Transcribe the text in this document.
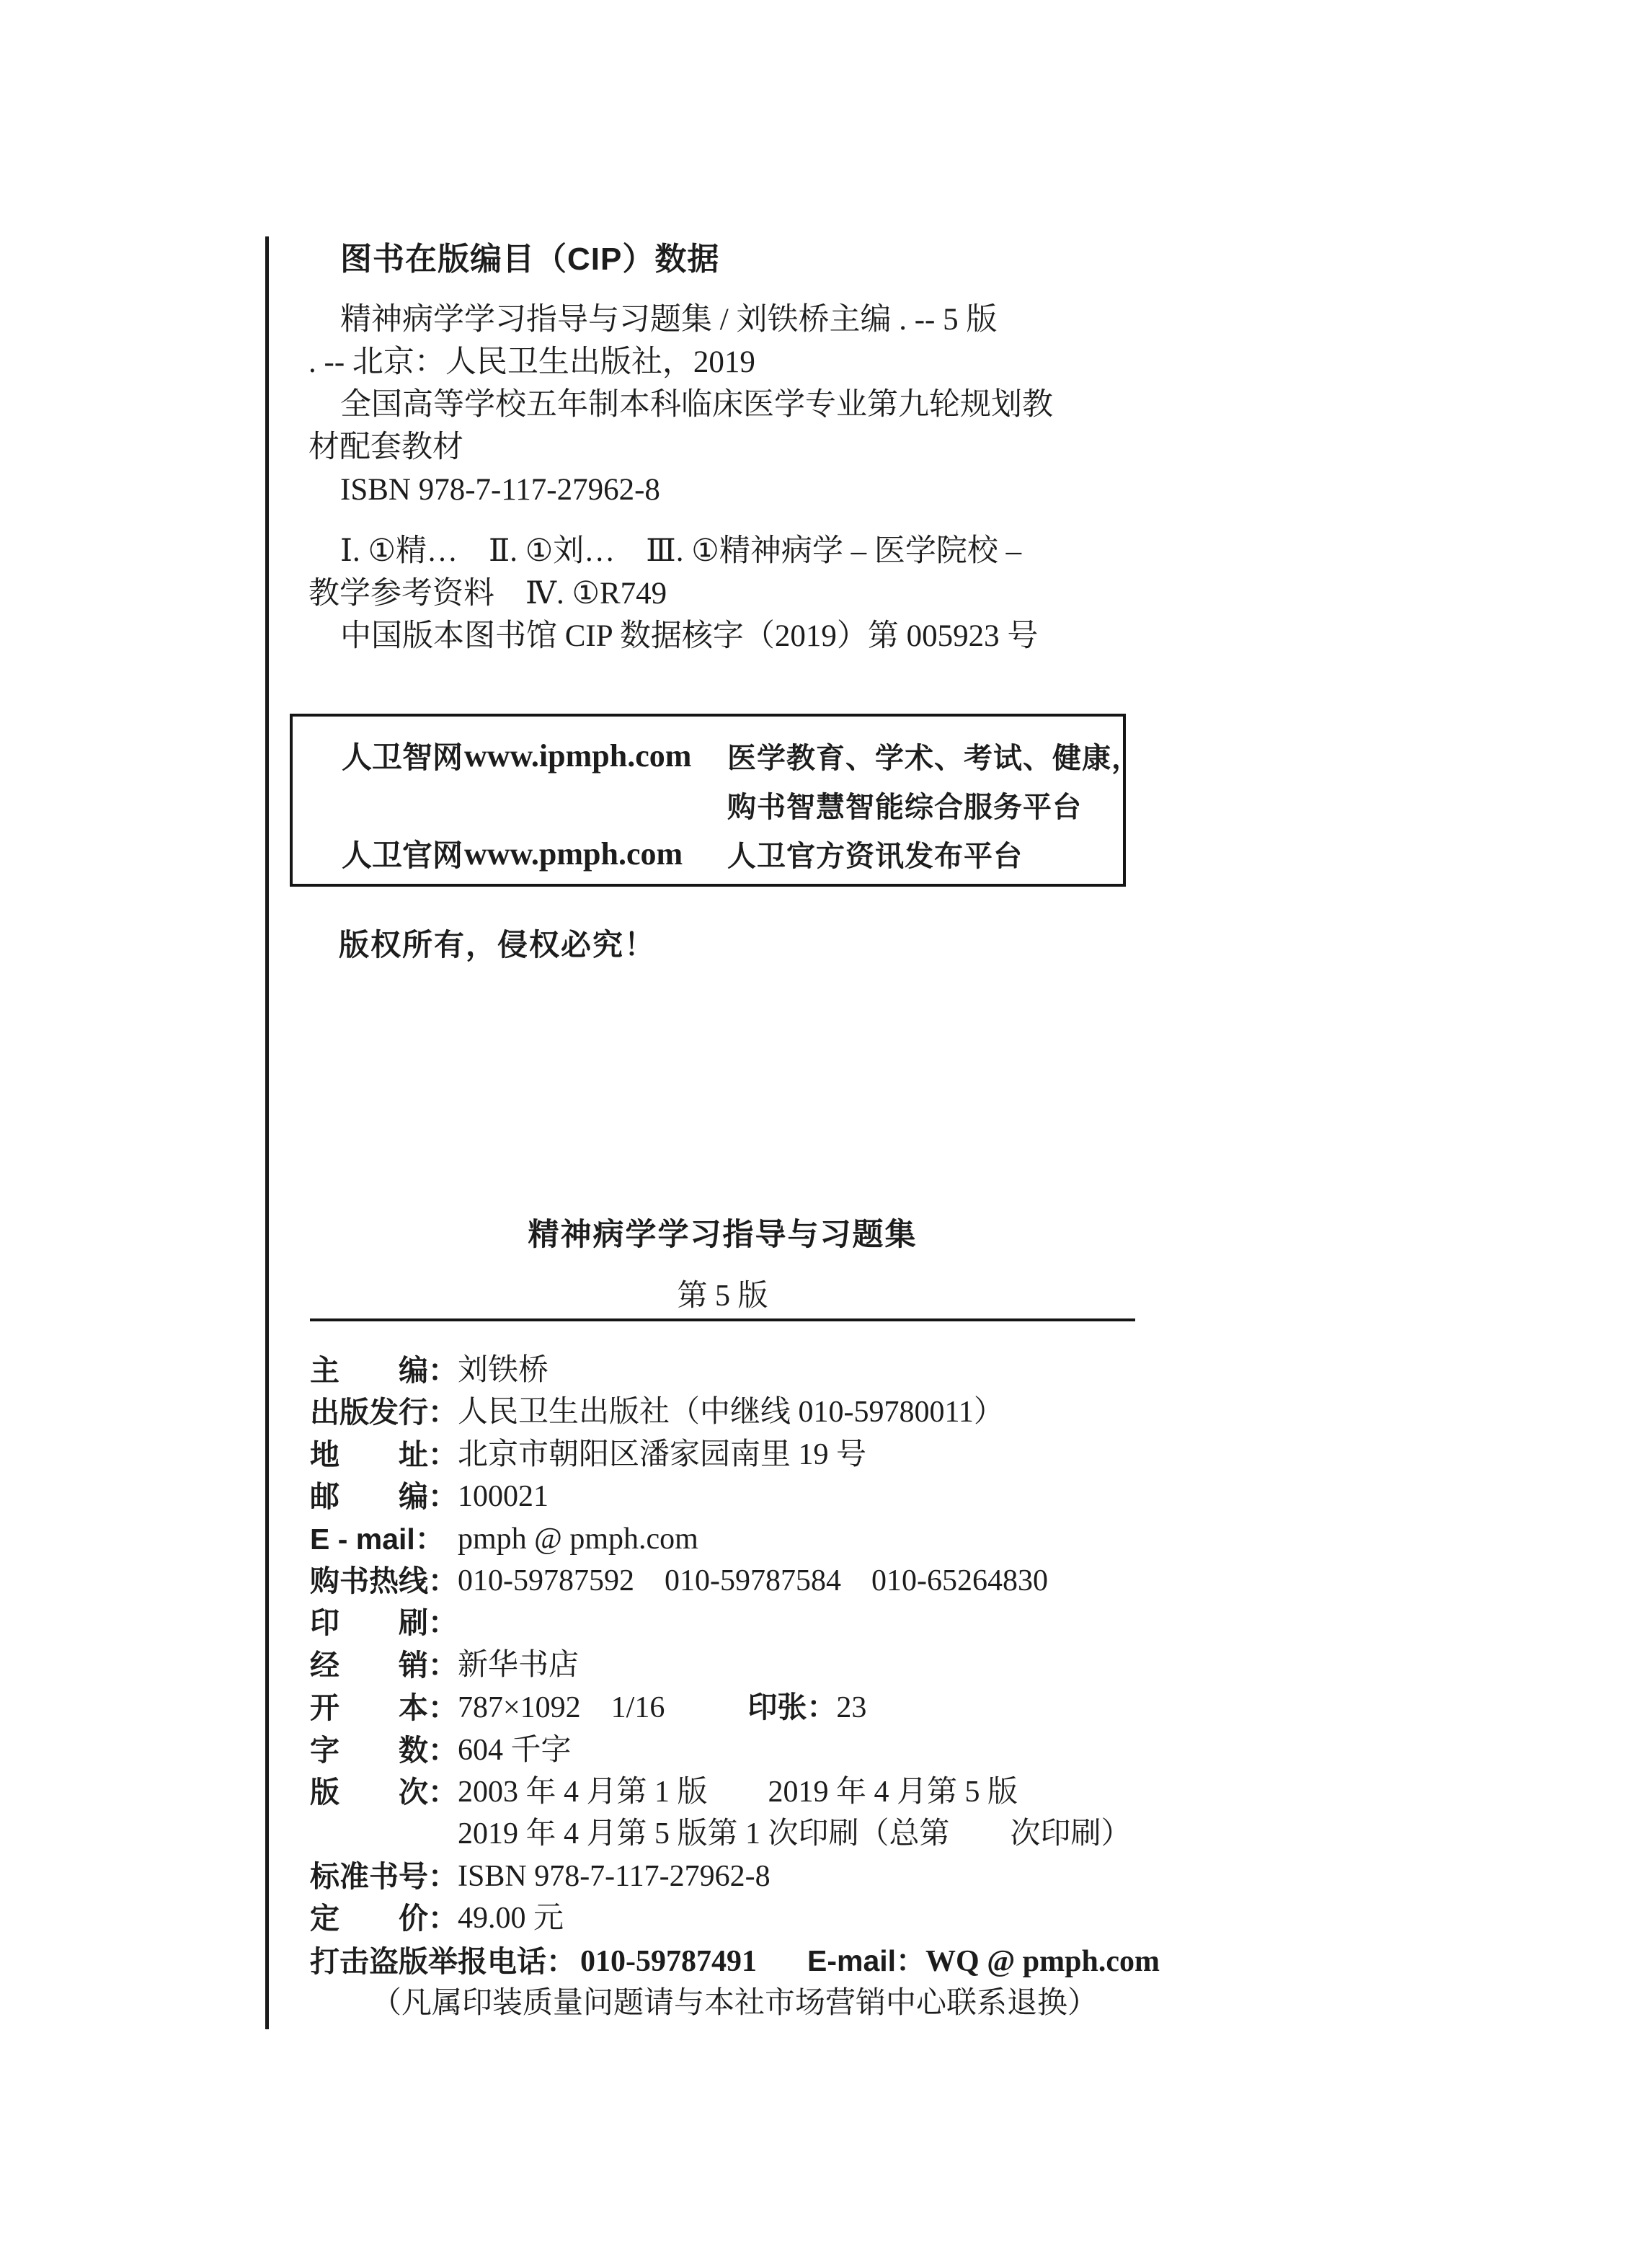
图书在版编目（CIP）数据
精神病学学习指导与习题集 / 刘铁桥主编 . -- 5 版
. -- 北京：人民卫生出版社，2019
全国高等学校五年制本科临床医学专业第九轮规划教
材配套教材
ISBN 978-7-117-27962-8
Ⅰ. ①精…　Ⅱ. ①刘…　Ⅲ. ①精神病学 – 医学院校 –
教学参考资料　Ⅳ. ①R749
中国版本图书馆 CIP 数据核字（2019）第 005923 号
人卫智网 www.ipmph.com	医学教育、学术、考试、健康，
购书智慧智能综合服务平台
人卫官网 www.pmph.com	人卫官方资讯发布平台
版权所有，侵权必究！
精神病学学习指导与习题集
第 5 版
主　　编：刘铁桥
出版发行：人民卫生出版社（中继线 010-59780011）
地　　址：北京市朝阳区潘家园南里 19 号
邮　　编：100021
E - mail： pmph @ pmph.com
购书热线：010-59787592　010-59787584　010-65264830
印　　刷：
经　　销：新华书店
开　　本：787×1092　1/16	印张：23
字　　数：604 千字
版　　次：2003 年 4 月第 1 版　　2019 年 4 月第 5 版
2019 年 4 月第 5 版第 1 次印刷（总第　　次印刷）
标准书号：ISBN 978-7-117-27962-8
定　　价：49.00 元
打击盗版举报电话： 010-59787491 E-mail：WQ @ pmph.com
（凡属印装质量问题请与本社市场营销中心联系退换）
